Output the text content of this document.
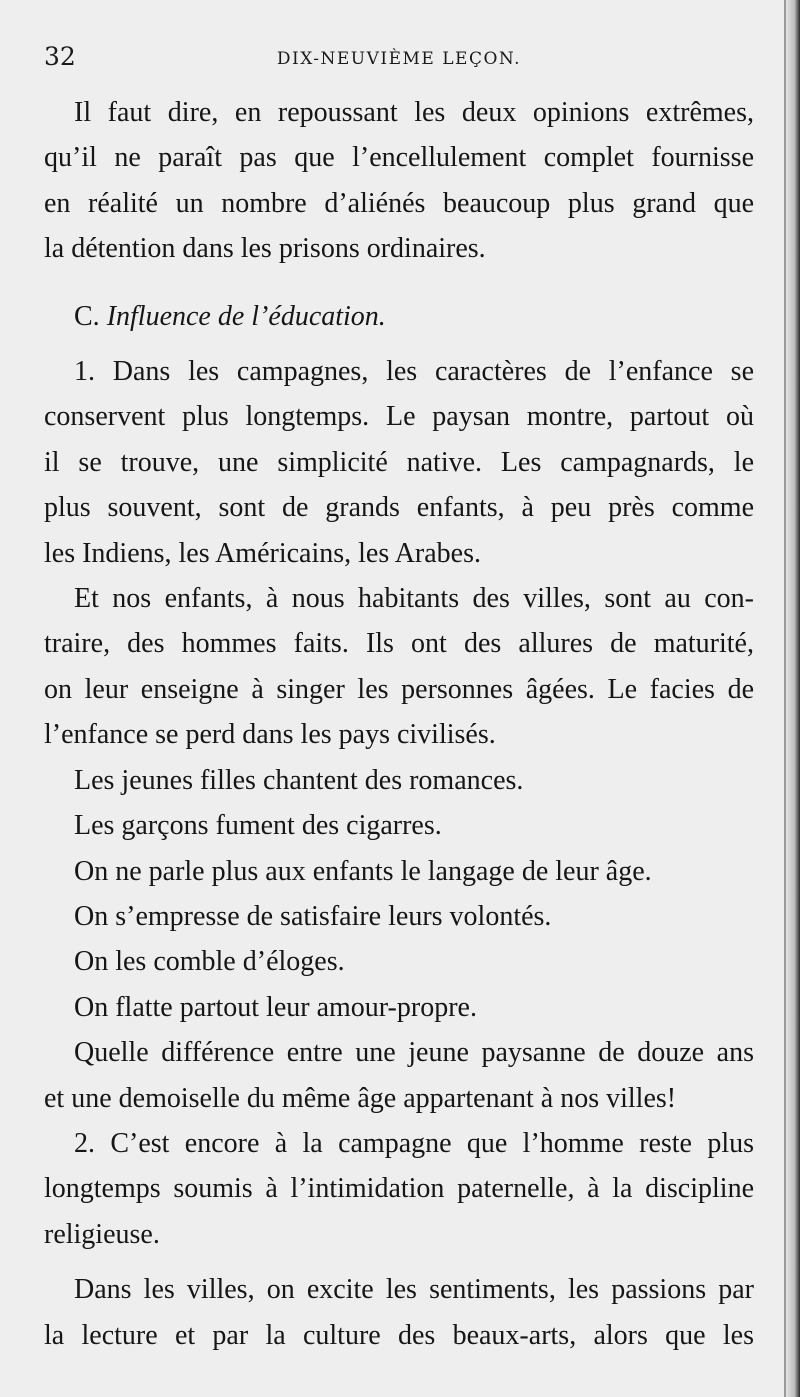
32	DIX-NEUVIÈME LEÇON.

Il faut dire, en repoussant les deux opinions extrêmes,

qu’il ne paraît pas que l’encellulement complet fournisse

en réalité un nombre d’aliénés beaucoup plus grand que

la détention dans les prisons ordinaires.

C. Influence de l’éducation.

1. Dans les campagnes, les caractères de l’enfance se

conservent plus longtemps. Le paysan montre, partout où

il se trouve, une simplicité native. Les campagnards, le

plus souvent, sont de grands enfants, à peu près comme

les Indiens, les Américains, les Arabes.

Et nos enfants, à nous habitants des villes, sont au con-

traire, des hommes faits. Ils ont des allures de maturité,

on leur enseigne à singer les personnes âgées. Le facies de

l’enfance se perd dans les pays civilisés.

Les jeunes filles chantent des romances.

Les garçons fument des cigarres.

On ne parle plus aux enfants le langage de leur âge.

On s’empresse de satisfaire leurs volontés.

On les comble d’éloges.

On flatte partout leur amour-propre.

Quelle différence entre une jeune paysanne de douze ans

et une demoiselle du même âge appartenant à nos villes!

2. C’est encore à la campagne que l’homme reste plus

longtemps soumis à l’intimidation paternelle, à la discipline

religieuse.

Dans les villes, on excite les sentiments, les passions par

la lecture et par la culture des beaux-arts, alors que les
